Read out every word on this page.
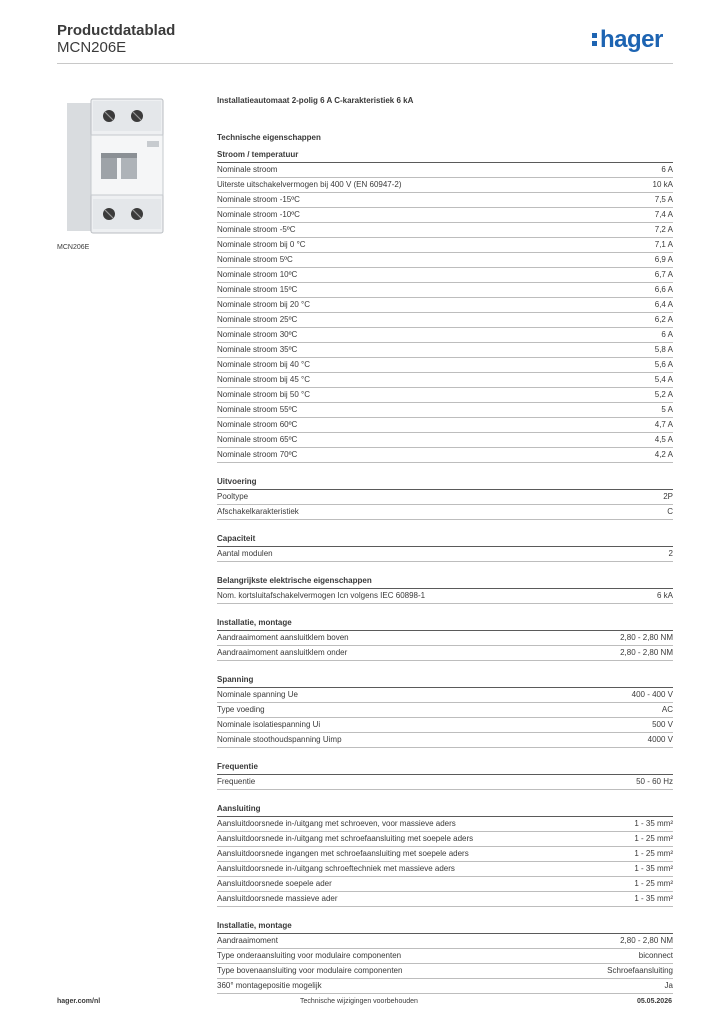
Productdatablad
MCN206E	hager
MCN206E
Installatieautomaat 2-polig 6 A C-karakteristiek 6 kA
Technische eigenschappen
Stroom / temperatuur
Nominale stroom	6 A
Uiterste uitschakelvermogen bij 400 V (EN 60947-2)	10 kA
Nominale stroom -15ºC	7,5 A
Nominale stroom -10ºC	7,4 A
Nominale stroom -5ºC	7,2 A
Nominale stroom bij 0 °C	7,1 A
Nominale stroom 5ºC	6,9 A
Nominale stroom 10ºC	6,7 A
Nominale stroom 15ºC	6,6 A
Nominale stroom bij 20 °C	6,4 A
Nominale stroom 25ºC	6,2 A
Nominale stroom 30ºC	6 A
Nominale stroom 35ºC	5,8 A
Nominale stroom bij 40 °C	5,6 A
Nominale stroom bij 45 °C	5,4 A
Nominale stroom bij 50 °C	5,2 A
Nominale stroom 55ºC	5 A
Nominale stroom 60ºC	4,7 A
Nominale stroom 65ºC	4,5 A
Nominale stroom 70ºC	4,2 A
Uitvoering
Pooltype	2P
Afschakelkarakteristiek	C
Capaciteit
Aantal modulen	2
Belangrijkste elektrische eigenschappen
Nom. kortsluitafschakelvermogen Icn volgens IEC 60898-1	6 kA
Installatie, montage
Aandraaimoment aansluitklem boven	2,80 - 2,80 NM
Aandraaimoment aansluitklem onder	2,80 - 2,80 NM
Spanning
Nominale spanning Ue	400 - 400 V
Type voeding	AC
Nominale isolatiespanning Ui	500 V
Nominale stoothoudspanning Uimp	4000 V
Frequentie
Frequentie	50 - 60 Hz
Aansluiting
Aansluitdoorsnede in-/uitgang met schroeven, voor massieve aders	1 - 35 mm²
Aansluitdoorsnede in-/uitgang met schroefaansluiting met soepele aders	1 - 25 mm²
Aansluitdoorsnede ingangen met schroefaansluiting met soepele aders	1 - 25 mm²
Aansluitdoorsnede in-/uitgang schroeftechniek met massieve aders	1 - 35 mm²
Aansluitdoorsnede soepele ader	1 - 25 mm²
Aansluitdoorsnede massieve ader	1 - 35 mm²
Installatie, montage
Aandraaimoment	2,80 - 2,80 NM
Type onderaansluiting voor modulaire componenten	biconnect
Type bovenaansluiting voor modulaire componenten	Schroefaansluiting
360° montagepositie mogelijk	Ja
hager.com/nl	Technische wijzigingen voorbehouden	05.05.2026
